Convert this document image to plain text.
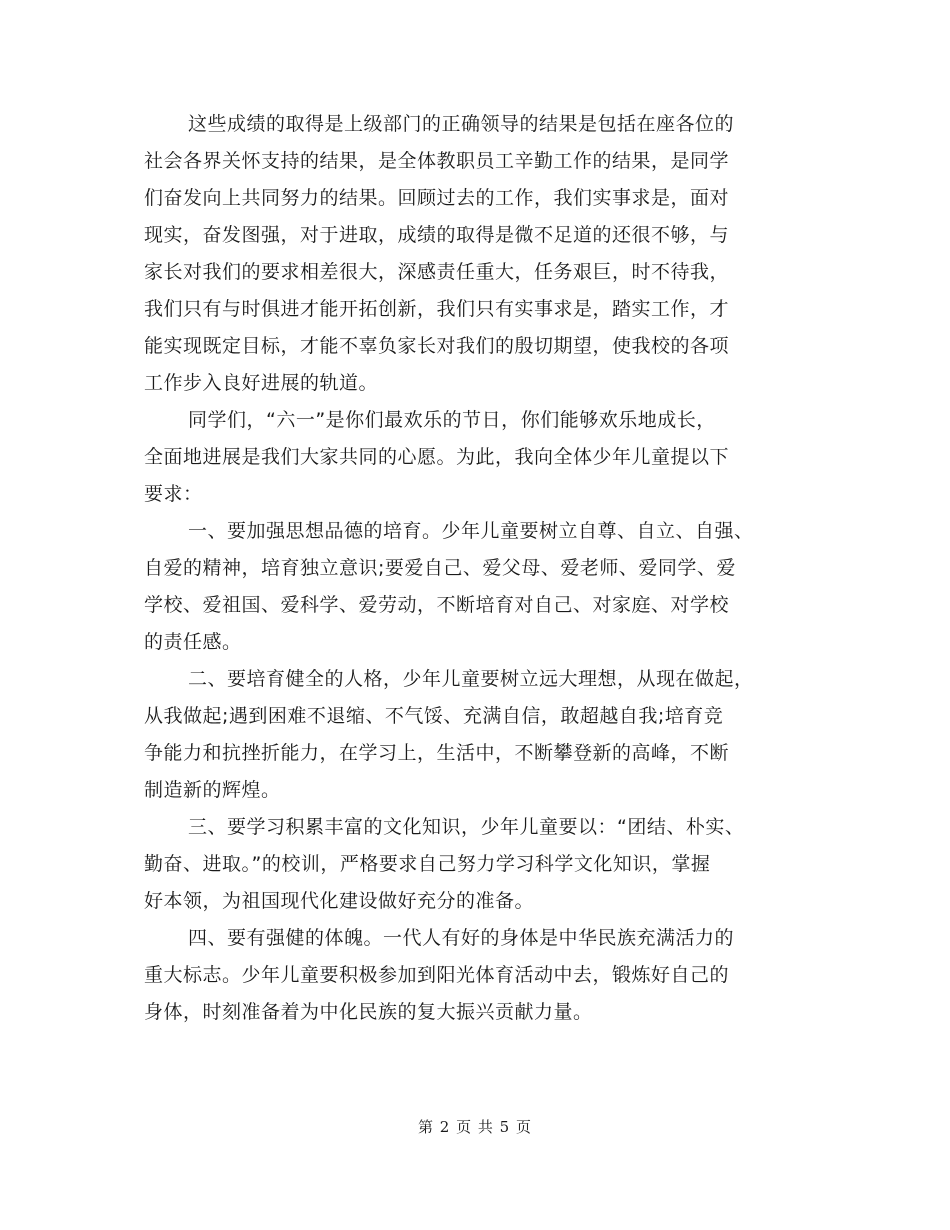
这些成绩的取得是上级部门的正确领导的结果是包括在座各位的
社会各界关怀支持的结果，是全体教职员工辛勤工作的结果，是同学
们奋发向上共同努力的结果。回顾过去的工作，我们实事求是，面对
现实，奋发图强，对于进取，成绩的取得是微不足道的还很不够，与
家长对我们的要求相差很大，深感责任重大，任务艰巨，时不待我，
我们只有与时俱进才能开拓创新，我们只有实事求是，踏实工作，才
能实现既定目标，才能不辜负家长对我们的殷切期望，使我校的各项
工作步入良好进展的轨道。
同学们，“六一”是你们最欢乐的节日，你们能够欢乐地成长，
全面地进展是我们大家共同的心愿。为此，我向全体少年儿童提以下
要求：
一、要加强思想品德的培育。少年儿童要树立自尊、自立、自强、
自爱的精神，培育独立意识;要爱自己、爱父母、爱老师、爱同学、爱
学校、爱祖国、爱科学、爱劳动，不断培育对自己、对家庭、对学校
的责任感。
二、要培育健全的人格，少年儿童要树立远大理想，从现在做起，
从我做起;遇到困难不退缩、不气馁、充满自信，敢超越自我;培育竞
争能力和抗挫折能力，在学习上，生活中，不断攀登新的高峰，不断
制造新的辉煌。
三、要学习积累丰富的文化知识，少年儿童要以：“团结、朴实、
勤奋、进取。”的校训，严格要求自己努力学习科学文化知识，掌握
好本领，为祖国现代化建设做好充分的准备。
四、要有强健的体魄。一代人有好的身体是中华民族充满活力的
重大标志。少年儿童要积极参加到阳光体育活动中去，锻炼好自己的
身体，时刻准备着为中化民族的复大振兴贡献力量。
第 2 页 共 5 页
